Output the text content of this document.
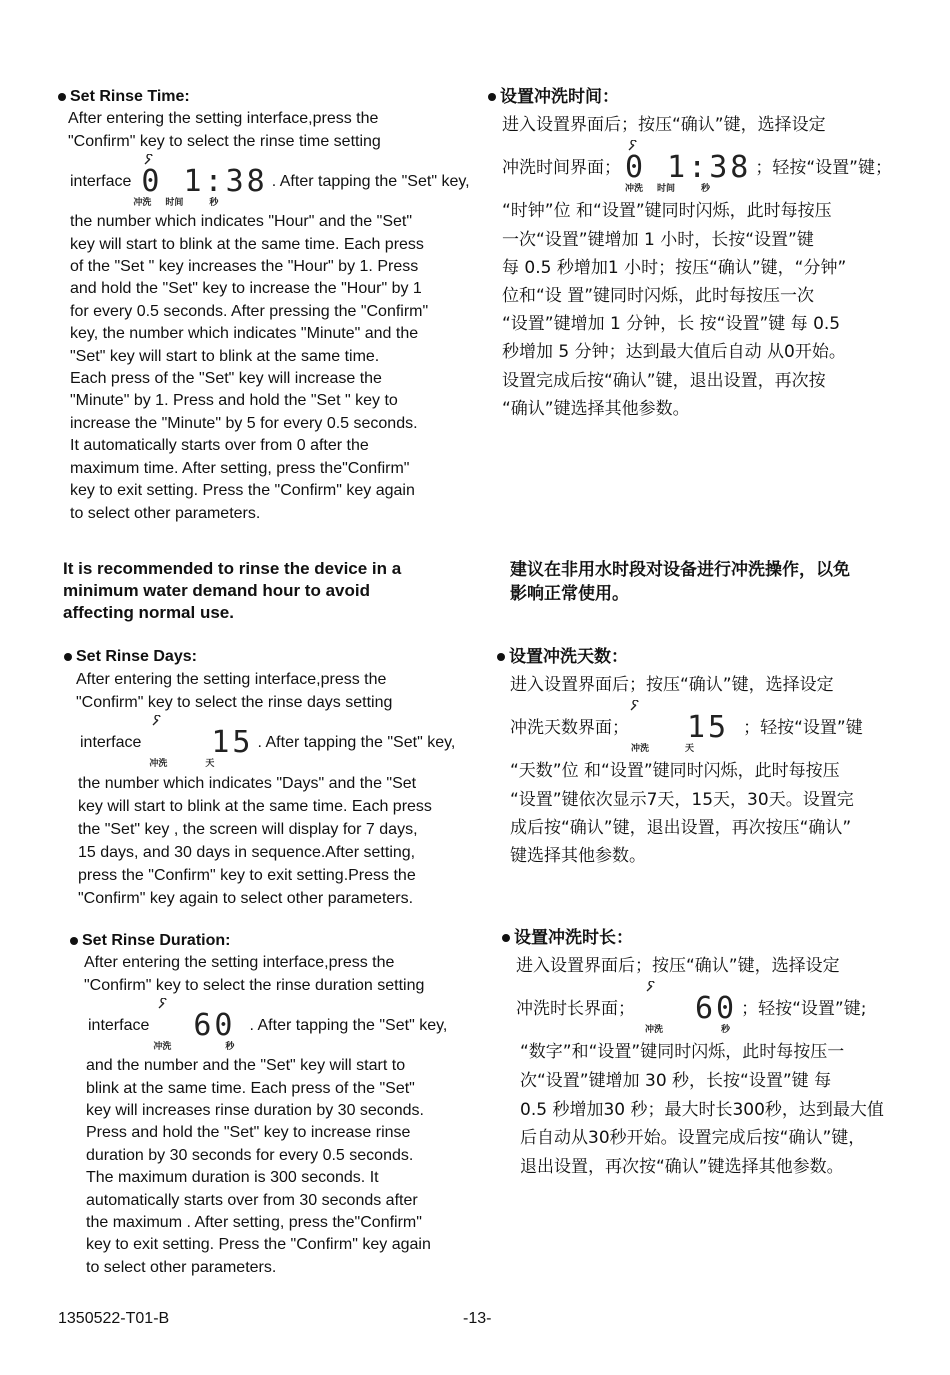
Set Rinse Time:
After entering the setting interface,press the
"Confirm" key to select the rinse time setting
interface 0 1:38
冲洗 时间	秒
. After tapping the "Set" key,
the number which indicates "Hour" and the "Set"
key will start to blink at the same time. Each press
of the "Set " key increases the "Hour" by 1. Press
and hold the "Set" key to increase the "Hour" by 1
for every 0.5 seconds. After pressing the "Confirm"
key, the number which indicates "Minute" and the
"Set" key will start to blink at the same time.
Each press of the "Set" key will increase the
"Minute" by 1. Press and hold the "Set " key to
increase the "Minute" by 5 for every 0.5 seconds.
It automatically starts over from 0 after the
maximum time. After setting, press the"Confirm"
key to exit setting. Press the "Confirm" key again
to select other parameters.
设置冲洗时间：
进入设置界面后；按压“确认”键，选择设定
冲洗时间界面； 0 1:38
冲洗 时间	秒
；轻按“设置”键；
“时钟”位 和“设置”键同时闪烁，此时每按压
一次“设置”键增加 1 小时，长按“设置”键
每 0.5 秒增加1 小时；按压“确认”键，“分钟”
位和“设 置”键同时闪烁，此时每按压一次
“设置”键增加 1 分钟，长 按“设置”键 每 0.5
秒增加 5 分钟；达到最大值后自动 从0开始。
设置完成后按“确认”键，退出设置，再次按
“确认”键选择其他参数。
It is recommended to rinse the device in a
minimum water demand hour to avoid
affecting normal use.
建议在非用水时段对设备进行冲洗操作，以免
影响正常使用。
Set Rinse Days:
After entering the setting interface,press the
"Confirm" key to select the rinse days setting
interface 15
冲洗	天
. After tapping the "Set" key,
the number which indicates "Days" and the "Set
key will start to blink at the same time. Each press
the "Set" key , the screen will display for 7 days,
15 days, and 30 days in sequence.After setting,
press the "Confirm" key to exit setting.Press the
"Confirm" key again to select other parameters.
设置冲洗天数：
进入设置界面后；按压“确认”键，选择设定
冲洗天数界面； 15
冲洗	天
；轻按“设置”键
“天数”位 和“设置”键同时闪烁，此时每按压
“设置”键依次显示7天，15天，30天。设置完
成后按“确认”键，退出设置，再次按压“确认”
键选择其他参数。
Set Rinse Duration:
After entering the setting interface,press the
"Confirm" key to select the rinse duration setting
interface 60
冲洗	秒
. After tapping the "Set" key,
and the number and the "Set" key will start to
blink at the same time. Each press of the "Set"
key will increases rinse duration by 30 seconds.
Press and hold the "Set" key to increase rinse
duration by 30 seconds for every 0.5 seconds.
The maximum duration is 300 seconds. It
automatically starts over from 30 seconds after
the maximum . After setting, press the"Confirm"
key to exit setting. Press the "Confirm" key again
to select other parameters.
设置冲洗时长：
进入设置界面后；按压“确认”键，选择设定
冲洗时长界面； 60
冲洗	秒
；轻按“设置”键;
“数字”和“设置”键同时闪烁，此时每按压一
次“设置”键增加 30 秒，长按“设置”键 每
0.5 秒增加30 秒；最大时长300秒，达到最大值
后自动从30秒开始。设置完成后按“确认”键，
退出设置，再次按“确认”键选择其他参数。
1350522-T01-B	-13-
